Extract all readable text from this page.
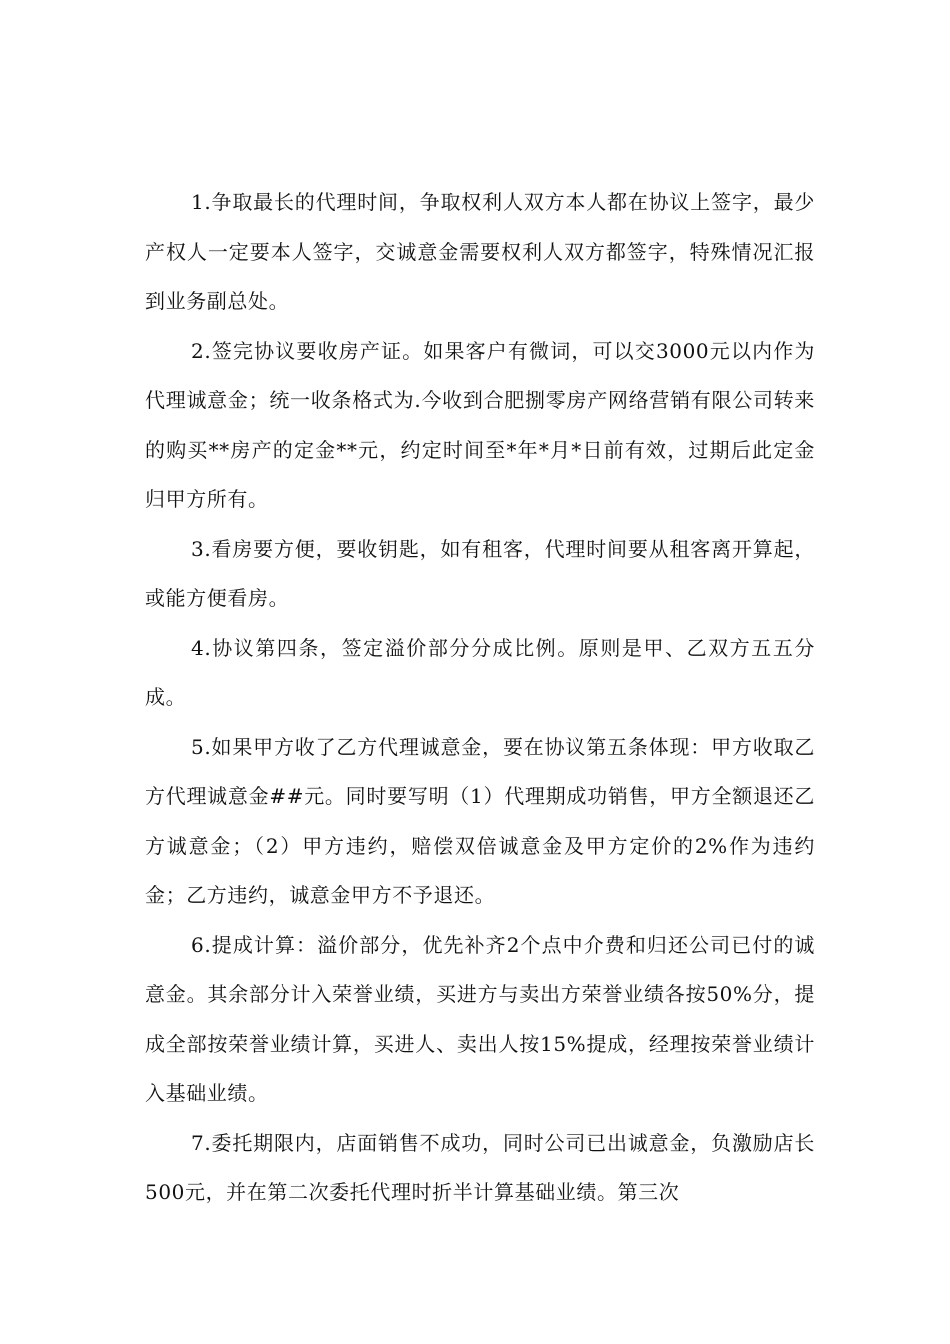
1.争取最长的代理时间，争取权利人双方本人都在协议上签字，最少产权人一定要本人签字，交诚意金需要权利人双方都签字，特殊情况汇报到业务副总处。

2.签完协议要收房产证。如果客户有微词，可以交3000元以内作为代理诚意金；统一收条格式为.今收到合肥捌零房产网络营销有限公司转来的购买**房产的定金**元，约定时间至*年*月*日前有效，过期后此定金归甲方所有。

3.看房要方便，要收钥匙，如有租客，代理时间要从租客离开算起，或能方便看房。

4.协议第四条，签定溢价部分分成比例。原则是甲、乙双方五五分成。

5.如果甲方收了乙方代理诚意金，要在协议第五条体现：甲方收取乙方代理诚意金##元。同时要写明（1）代理期成功销售，甲方全额退还乙方诚意金；（2）甲方违约，赔偿双倍诚意金及甲方定价的2%作为违约金；乙方违约，诚意金甲方不予退还。

6.提成计算：溢价部分，优先补齐2个点中介费和归还公司已付的诚意金。其余部分计入荣誉业绩，买进方与卖出方荣誉业绩各按50%分，提成全部按荣誉业绩计算，买进人、卖出人按15%提成，经理按荣誉业绩计入基础业绩。

7.委托期限内，店面销售不成功，同时公司已出诚意金，负激励店长500元，并在第二次委托代理时折半计算基础业绩。第三次
